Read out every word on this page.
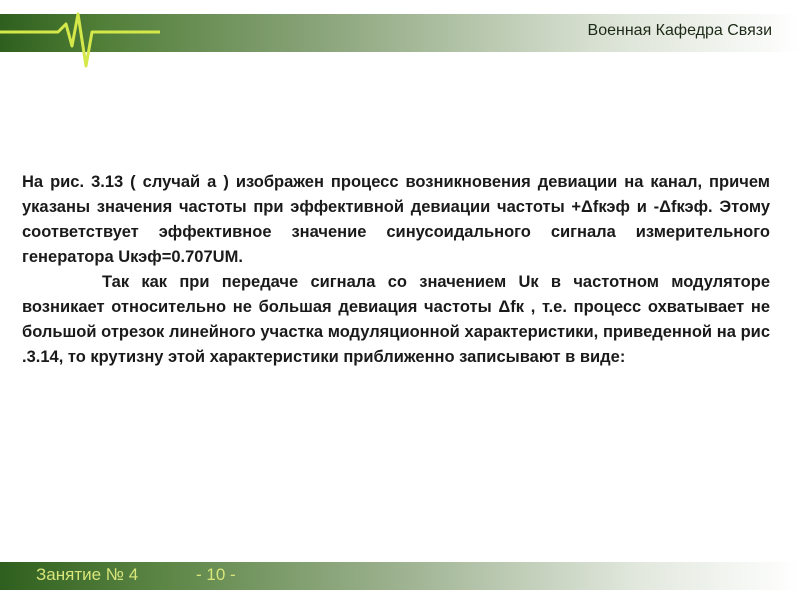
Военная Кафедра Связи

На рис. 3.13 ( случай а ) изображен процесс возникновения девиации на канал, причем указаны значения частоты при эффективной девиации частоты +Δfкэф и -Δfкэф. Этому соответствует эффективное значение синусоидального сигнала измерительного генератора Uкэф=0.707UM.

Так как при передаче сигнала со значением Uк в частотном модуляторе возникает относительно не большая девиация частоты Δfк , т.е. процесс охватывает не большой отрезок линейного участка модуляционной характеристики, приведенной на рис .3.14, то крутизну этой характеристики приближенно записывают в виде:

Занятие № 4	- 10 -
